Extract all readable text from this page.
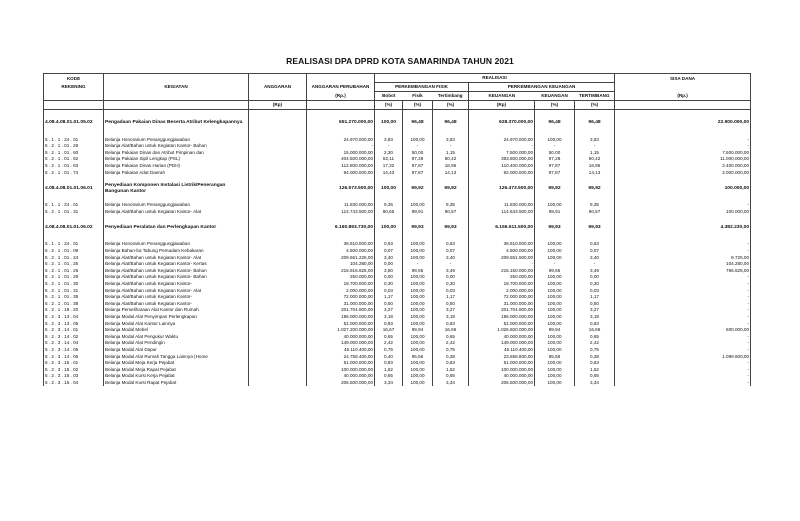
REALISASI DPA DPRD KOTA SAMARINDA TAHUN 2021
KODE				REALISASI						SISA DANA
REKENING	KEGIATAN	ANGGARAN	ANGGARAN PERUBAHAN	PERKEMBANGAN FISIK			PERKEMBANGAN KEUANGAN			
			(Rp.)	Bobot	Fisik	Tertimbang	KEUANGAN	KEUANGAN	TERTIMBANG	(Rp.)
		(Rp)		(%)	(%)	(%)	(Rp)	(%)	(%)	

4.08.4.08.01.01.05.02	Pengadaan Pakaian Dinas Beserta Atribut Kelengkapannya		651.270.000,00	100,00	96,48	96,48	628.370.000,00	96,48	96,48	22.900.000,00

5 . 1 . 1 . 24 . 01	Belanja Honorarium Penanggungjawaban		24.970.000,00	3,83	100,00	3,83	24.970.000,00	100,00	3,83	-
5 . 2 . 1 . 01 . 26	Belanja Alat/Bahan untuk Kegiatan Kantor- Bahan		-	-	-	-	-	-	-	-
5 . 2 . 1 . 01 . 60	Belanja Pakaian Dinas dan Atribut Pimpinan dan		15.000.000,00	2,30	50,00	1,15	7.500.000,00	50,00	1,15	7.500.000,00
5 . 2 . 1 . 01 . 62	Belanja Pakaian Sipil Lengkap (PSL)		404.500.000,00	62,11	97,28	60,42	393.500.000,00	97,28	60,42	11.000.000,00
5 . 2 . 1 . 01 . 63	Belanja Pakaian Dinas Harian (PDH)		112.800.000,00	17,32	97,87	16,95	110.400.000,00	97,87	16,95	2.400.000,00
5 . 2 . 1 . 01 . 74	Belanja Pakaian Adat Daerah		94.000.000,00	14,43	97,87	14,13	92.000.000,00	97,87	14,13	2.000.000,00

4.08.4.08.01.01.06.01	Penyediaan Komponen Instalasi Listrik/Penerangan Bangunan Kantor		126.573.500,00	100,00	99,92	99,92	126.473.500,00	99,92	99,92	100.000,00

5 . 1 . 1 . 24 . 01	Belanja Honorarium Penanggungjawaban		11.830.000,00	9,35	100,00	9,35	11.830.000,00	100,00	9,35	-
5 . 2 . 1 . 01 . 31	Belanja Alat/Bahan untuk Kegiatan Kantor- Alat		114.743.500,00	90,65	99,91	90,57	114.643.500,00	99,91	90,57	100.000,00

4.08.4.08.01.01.06.02	Penyediaan Peralatan dan Perlengkapan Kantor		6.160.893.730,00	100,00	99,93	99,93	6.156.511.500,00	99,93	99,93	4.382.230,00

5 . 1 . 1 . 24 . 01	Belanja Honorarium Penanggungjawaban		38.610.000,00	0,63	100,00	0,63	38.610.000,00	100,00	0,63	-
5 . 2 . 1 . 01 . 09	Belanja Bahan-ba Tabung Pemadam Kebakaran		4.500.000,00	0,07	100,00	0,07	4.500.000,00	100,00	0,07	-
5 . 2 . 1 . 01 . 24	Belanja Alat/Bahan untuk Kegiatan Kantor- Alat		209.561.225,00	3,40	100,00	3,40	209.551.500,00	100,00	3,40	9.725,00
5 . 2 . 1 . 01 . 25	Belanja Alat/Bahan untuk Kegiatan Kantor- Kertas		104.280,00	0,00	-	-	-	-	-	104.280,00
5 . 2 . 1 . 01 . 26	Belanja Alat/Bahan untuk Kegiatan Kantor- Bahan		215.915.625,00	3,50	99,65	3,49	215.150.000,00	99,65	3,49	765.625,00
5 . 2 . 1 . 01 . 29	Belanja Alat/Bahan untuk Kegiatan Kantor- Bahan		250.000,00	0,00	100,00	0,00	250.000,00	100,00	0,00	-
5 . 2 . 1 . 01 . 30	Belanja Alat/Bahan untuk Kegiatan Kantor-		18.700.000,00	0,30	100,00	0,30	18.700.000,00	100,00	0,30	-
5 . 2 . 1 . 01 . 31	Belanja Alat/Bahan untuk Kegiatan Kantor- Alat		2.000.000,00	0,03	100,00	0,03	2.000.000,00	100,00	0,03	-
5 . 2 . 1 . 01 . 35	Belanja Alat/Bahan untuk Kegiatan Kantor-		72.000.000,00	1,17	100,00	1,17	72.000.000,00	100,00	1,17	-
5 . 2 . 1 . 01 . 38	Belanja Alat/Bahan untuk Kegiatan Kantor-		31.000.000,00	0,50	100,00	0,50	31.000.000,00	100,00	0,50	-
5 . 2 . 1 . 19 . 20	Belanja Pemeliharaan Alat Kantor dan Rumah		201.704.800,00	3,27	100,00	3,27	201.704.800,00	100,00	3,27	-
5 . 2 . 3 . 13 . 04	Belanja Modal Alat Penyimpan Perlengkapan		196.000.000,00	3,18	100,00	3,18	196.000.000,00	100,00	3,18	-
5 . 2 . 3 . 13 . 05	Belanja Modal Alat Kantor Lainnya		51.000.000,00	0,83	100,00	0,83	51.000.000,00	100,00	0,83	-
5 . 2 . 3 . 14 . 01	Belanja Modal Mebel		1.027.200.000,00	16,67	99,94	16,66	1.026.600.000,00	99,94	16,66	600.000,00
5 . 2 . 3 . 14 . 02	Belanja Modal Alat Pengukur Waktu		40.000.000,00	0,65	100,00	0,65	40.000.000,00	100,00	0,65	-
5 . 2 . 3 . 14 . 04	Belanja Modal Alat Pendingin		149.000.000,00	2,42	100,00	2,42	149.000.000,00	100,00	2,42	-
5 . 2 . 3 . 14 . 05	Belanja Modal Alat Dapur		46.110.400,00	0,75	100,00	0,75	46.110.400,00	100,00	0,75	-
5 . 2 . 3 . 14 . 06	Belanja Modal Alat Rumah Tangga Lainnya (Home		24.758.400,00	0,40	95,56	0,38	23.658.800,00	95,56	0,38	1.099.600,00
5 . 2 . 3 . 15 . 01	Belanja Modal Meja Kerja Pejabat		51.000.000,00	0,83	100,00	0,83	51.000.000,00	100,00	0,83	-
5 . 2 . 3 . 15 . 02	Belanja Modal Meja Rapat Pejabat		100.000.000,00	1,62	100,00	1,62	100.000.000,00	100,00	1,62	-
5 . 2 . 3 . 15 . 03	Belanja Modal Kursi Kerja Pejabat		40.000.000,00	0,65	100,00	0,65	40.000.000,00	100,00	0,65	-
5 . 2 . 3 . 15 . 04	Belanja Modal Kursi Rapat Pejabat		205.500.000,00	3,34	100,00	3,34	205.500.000,00	100,00	3,34	-
